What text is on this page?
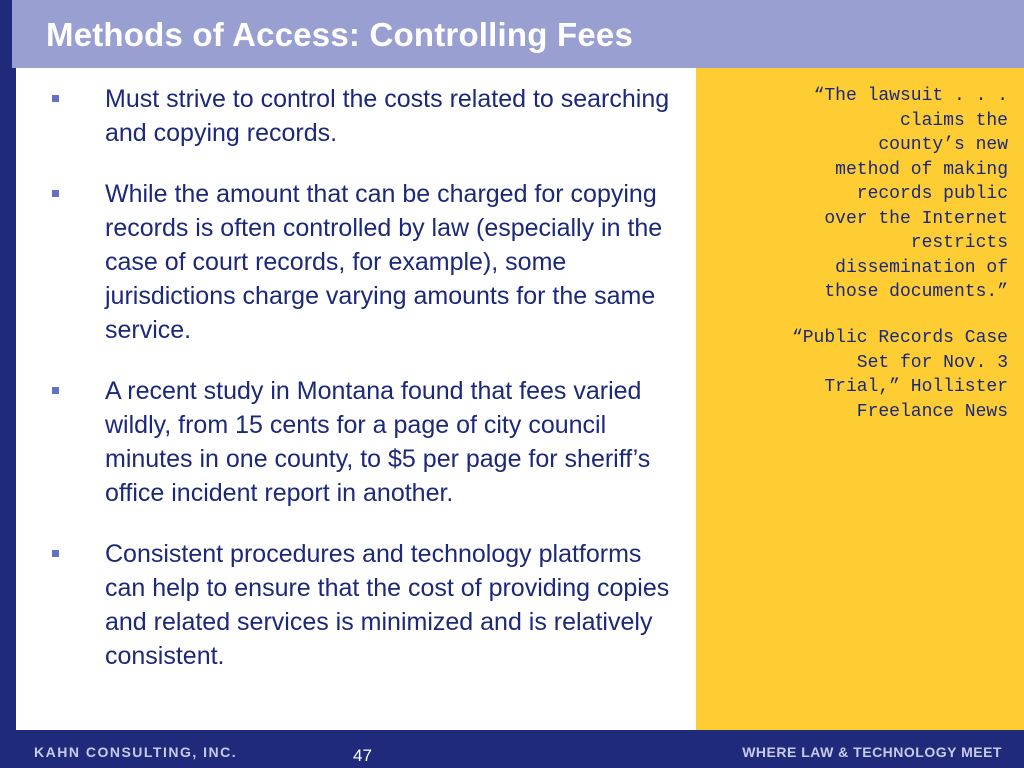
Methods of Access: Controlling Fees
Must strive to control the costs related to searching and copying records.
While the amount that can be charged for copying records is often controlled by law (especially in the case of court records, for example), some jurisdictions charge varying amounts for the same service.
A recent study in Montana found that fees varied wildly, from 15 cents for a page of city council minutes in one county, to $5 per page for sheriff’s office incident report in another.
Consistent procedures and technology platforms can help to ensure that the cost of providing copies and related services is minimized and is relatively consistent.
“The lawsuit . . .
claims the
county’s new
method of making
records public
over the Internet
restricts
dissemination of
those documents.”
“Public Records Case
Set for Nov. 3
Trial,” Hollister
Freelance News
KAHN CONSULTING, INC.	47	WHERE LAW & TECHNOLOGY MEET
